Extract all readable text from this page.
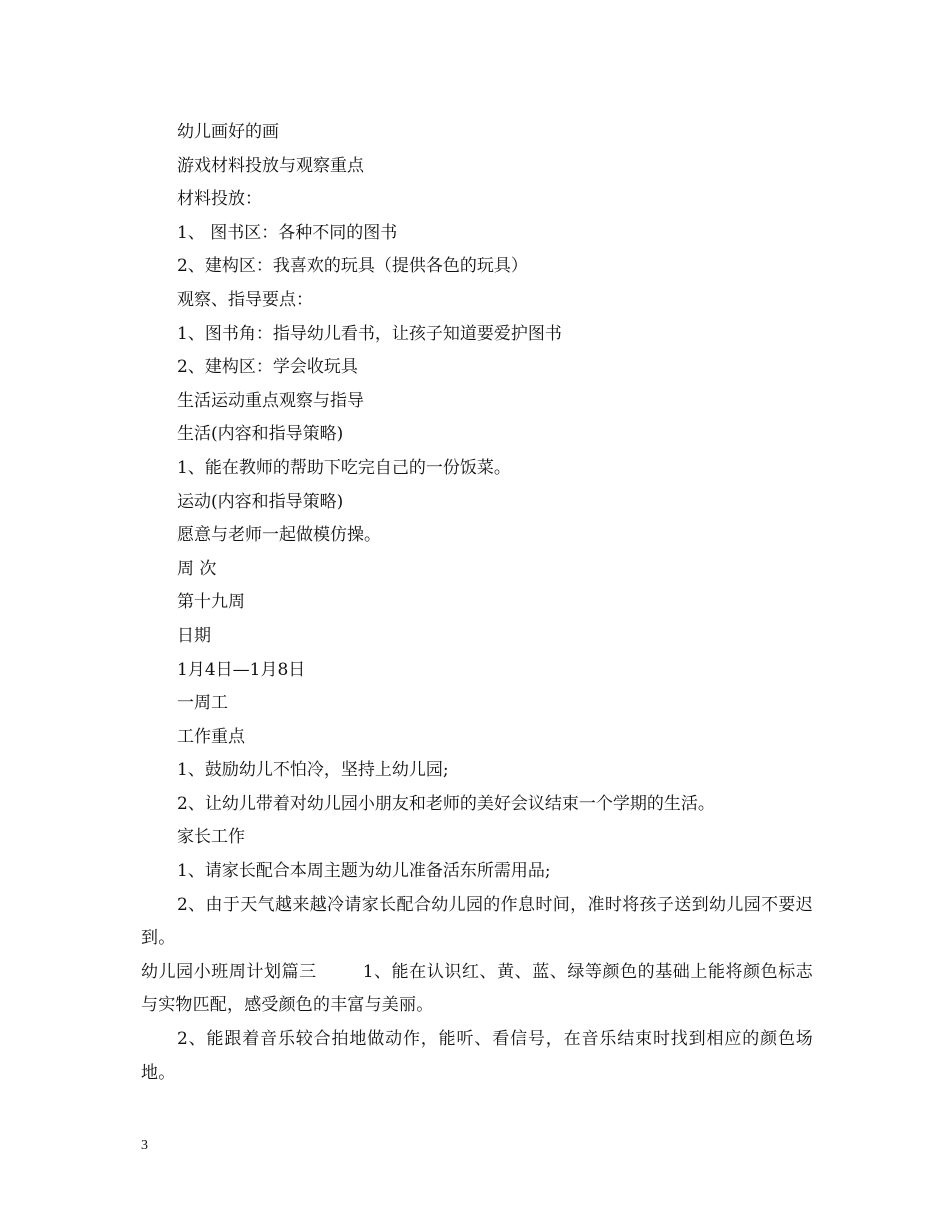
幼儿画好的画

游戏材料投放与观察重点

材料投放：

1、 图书区：各种不同的图书

2、建构区：我喜欢的玩具（提供各色的玩具）

观察、指导要点：

1、图书角：指导幼儿看书，让孩子知道要爱护图书

2、建构区：学会收玩具

生活运动重点观察与指导

生活(内容和指导策略)

1、能在教师的帮助下吃完自己的一份饭菜。

运动(内容和指导策略)

愿意与老师一起做模仿操。

周 次

第十九周

日期

1月4日—1月8日

一周工

工作重点

1、鼓励幼儿不怕冷，坚持上幼儿园;

2、让幼儿带着对幼儿园小朋友和老师的美好会议结束一个学期的生活。

家长工作

1、请家长配合本周主题为幼儿准备活东所需用品;

2、由于天气越来越冷请家长配合幼儿园的作息时间，准时将孩子送到幼儿园不要迟到。

幼儿园小班周计划篇三	1、能在认识红、黄、蓝、绿等颜色的基础上能将颜色标志与实物匹配，感受颜色的丰富与美丽。

2、能跟着音乐较合拍地做动作，能听、看信号，在音乐结束时找到相应的颜色场地。

3
